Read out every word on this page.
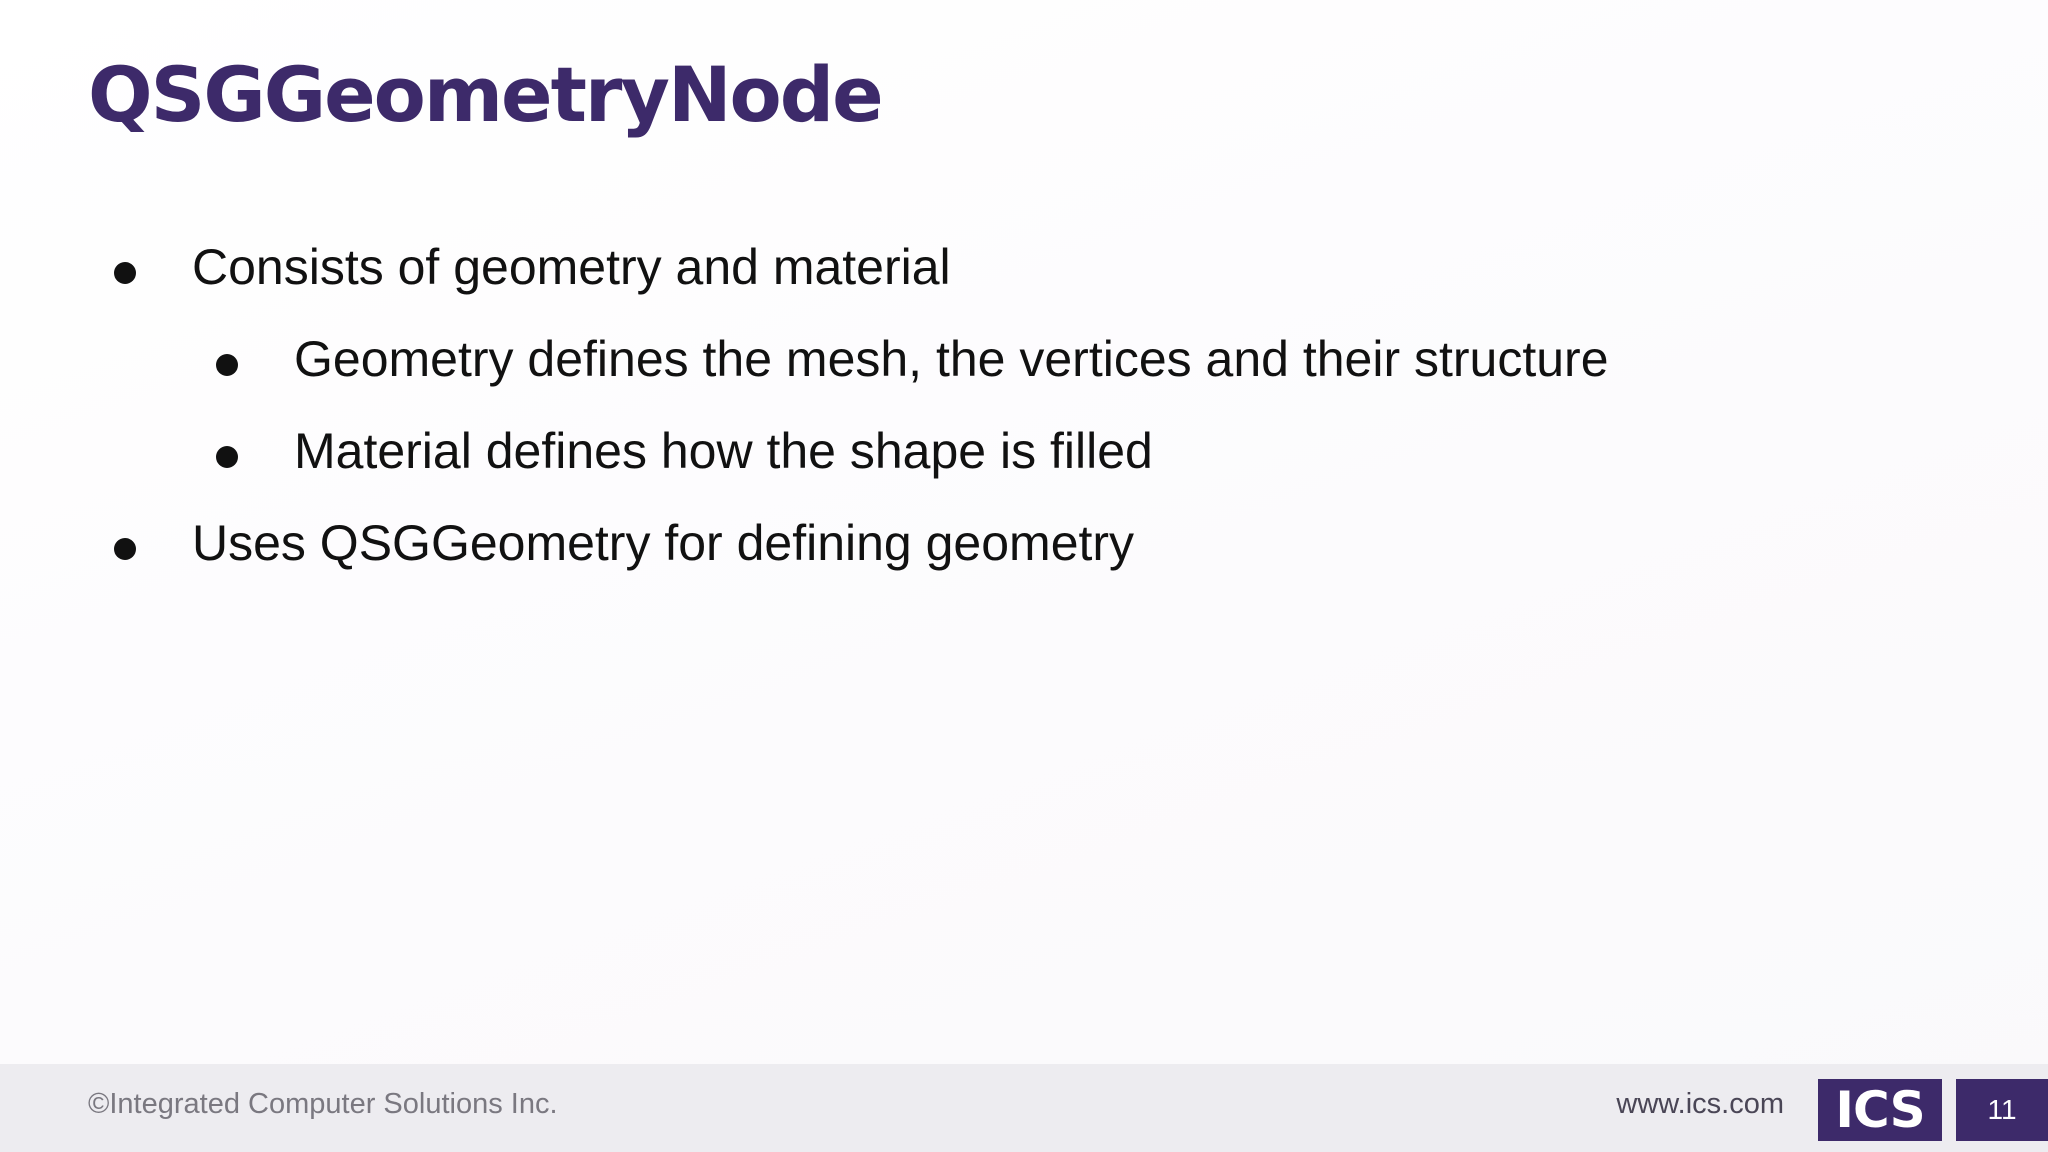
QSGGeometryNode
Consists of geometry and material
Geometry defines the mesh, the vertices and their structure
Material defines how the shape is filled
Uses QSGGeometry for defining geometry
©Integrated Computer Solutions Inc.	www.ics.com	ICS	11
